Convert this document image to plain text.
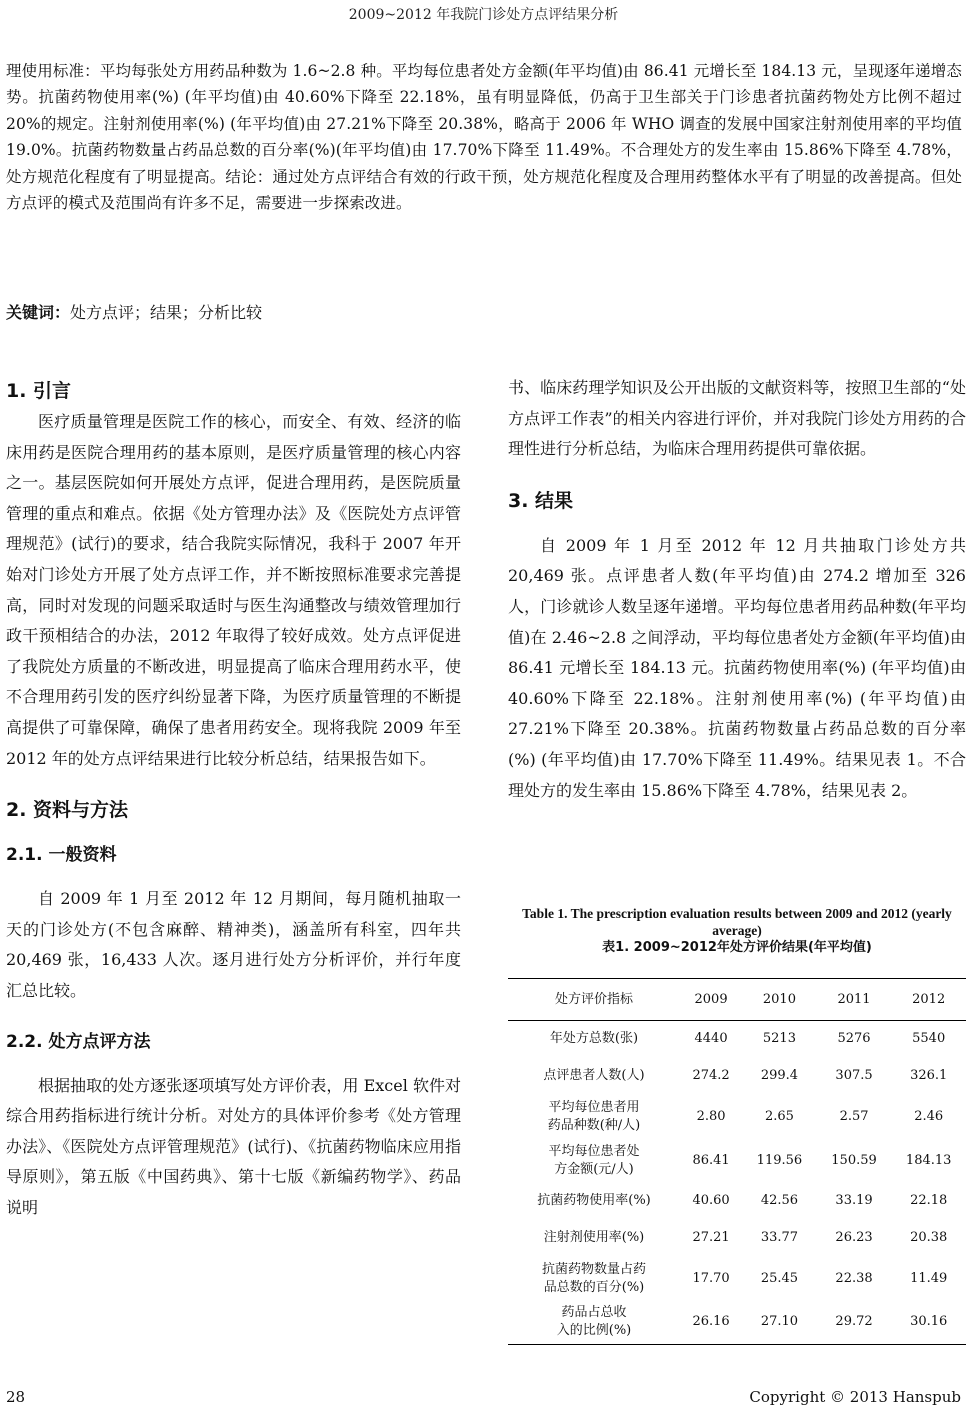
2009~2012 年我院门诊处方点评结果分析

理使用标准：平均每张处方用药品种数为 1.6~2.8 种。平均每位患者处方金额(年平均值)由 86.41 元增长至 184.13 元，呈现逐年递增态势。抗菌药物使用率(%) (年平均值)由 40.60%下降至 22.18%，虽有明显降低，仍高于卫生部关于门诊患者抗菌药物处方比例不超过 20%的规定。注射剂使用率(%) (年平均值)由 27.21%下降至 20.38%，略高于 2006 年 WHO 调查的发展中国家注射剂使用率的平均值 19.0%。抗菌药物数量占药品总数的百分率(%)(年平均值)由 17.70%下降至 11.49%。不合理处方的发生率由 15.86%下降至 4.78%，处方规范化程度有了明显提高。结论：通过处方点评结合有效的行政干预，处方规范化程度及合理用药整体水平有了明显的改善提高。但处方点评的模式及范围尚有许多不足，需要进一步探索改进。

关键词：处方点评；结果；分析比较
1. 引言

医疗质量管理是医院工作的核心，而安全、有效、经济的临床用药是医院合理用药的基本原则，是医疗质量管理的核心内容之一。基层医院如何开展处方点评，促进合理用药，是医院质量管理的重点和难点。依据《处方管理办法》及《医院处方点评管理规范》(试行)的要求，结合我院实际情况，我科于 2007 年开始对门诊处方开展了处方点评工作，并不断按照标准要求完善提高，同时对发现的问题采取适时与医生沟通整改与绩效管理加行政干预相结合的办法，2012 年取得了较好成效。处方点评促进了我院处方质量的不断改进，明显提高了临床合理用药水平，使不合理用药引发的医疗纠纷显著下降，为医疗质量管理的不断提高提供了可靠保障，确保了患者用药安全。现将我院 2009 年至 2012 年的处方点评结果进行比较分析总结，结果报告如下。

2. 资料与方法
2.1. 一般资料

自 2009 年 1 月至 2012 年 12 月期间，每月随机抽取一天的门诊处方(不包含麻醉、精神类)，涵盖所有科室，四年共 20,469 张，16,433 人次。逐月进行处方分析评价，并行年度汇总比较。

2.2. 处方点评方法

根据抽取的处方逐张逐项填写处方评价表，用 Excel 软件对综合用药指标进行统计分析。对处方的具体评价参考《处方管理办法》、《医院处方点评管理规范》(试行)、《抗菌药物临床应用指导原则》，第五版《中国药典》、第十七版《新编药物学》、药品说明

书、临床药理学知识及公开出版的文献资料等，按照卫生部的“处方点评工作表”的相关内容进行评价，并对我院门诊处方用药的合理性进行分析总结，为临床合理用药提供可靠依据。

3. 结果

自 2009 年 1 月至 2012 年 12 月共抽取门诊处方共 20,469 张。点评患者人数(年平均值)由 274.2 增加至 326 人，门诊就诊人数呈逐年递增。平均每位患者用药品种数(年平均值)在 2.46~2.8 之间浮动，平均每位患者处方金额(年平均值)由 86.41 元增长至 184.13 元。抗菌药物使用率(%) (年平均值)由 40.60%下降至 22.18%。注射剂使用率(%) (年平均值)由 27.21%下降至 20.38%。抗菌药物数量占药品总数的百分率(%) (年平均值)由 17.70%下降至 11.49%。结果见表 1。不合理处方的发生率由 15.86%下降至 4.78%，结果见表 2。

Table 1. The prescription evaluation results between 2009 and 2012 (yearly average)
表1. 2009~2012年处方评价结果(年平均值)
处方评价指标	2009	2010	2011	2012
年处方总数(张)	4440	5213	5276	5540
点评患者人数(人)	274.2	299.4	307.5	326.1
平均每位患者用
药品种数(种/人)	2.80	2.65	2.57	2.46
平均每位患者处
方金额(元/人)	86.41	119.56	150.59	184.13
抗菌药物使用率(%)	40.60	42.56	33.19	22.18
注射剂使用率(%)	27.21	33.77	26.23	20.38
抗菌药物数量占药
品总数的百分(%)	17.70	25.45	22.38	11.49
药品占总收
入的比例(%)	26.16	27.10	29.72	30.16
28	Copyright © 2013 Hanspub
